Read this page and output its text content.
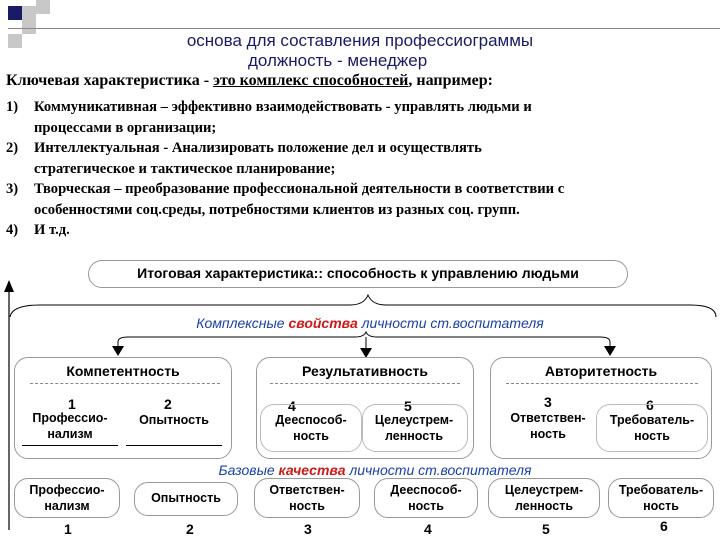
основа для составления профессиограммы
должность - менеджер
Ключевая характеристика - это комплекс способностей, например:
1) Коммуникативная – эффективно взаимодействовать - управлять людьми и
процессами в организации;
2) Интеллектуальная - Анализировать положение дел и осуществлять
стратегическое и тактическое планирование;
3) Творческая – преобразование профессиональной деятельности в соответствии с
особенностями соц.среды, потребностями клиентов из разных соц. групп.
4) И т.д.
Итоговая характеристика:: способность к управлению людьми
Комплексные свойства личности ст.воспитателя
Компетентность	Результативность	Авторитетность
1
Профессио-
нализм
2
Опытность
4
Дееспособ-
ность
5
Целеустрем-
ленность
3
Ответствен-
ность
6
Требователь-
ность
Базовые качества личности ст.воспитателя
Профессио-
нализм
Опытность
Ответствен-
ность
Дееспособ-
ность
Целеустрем-
ленность
Требователь-
ность
1	2	3	4	5	6
